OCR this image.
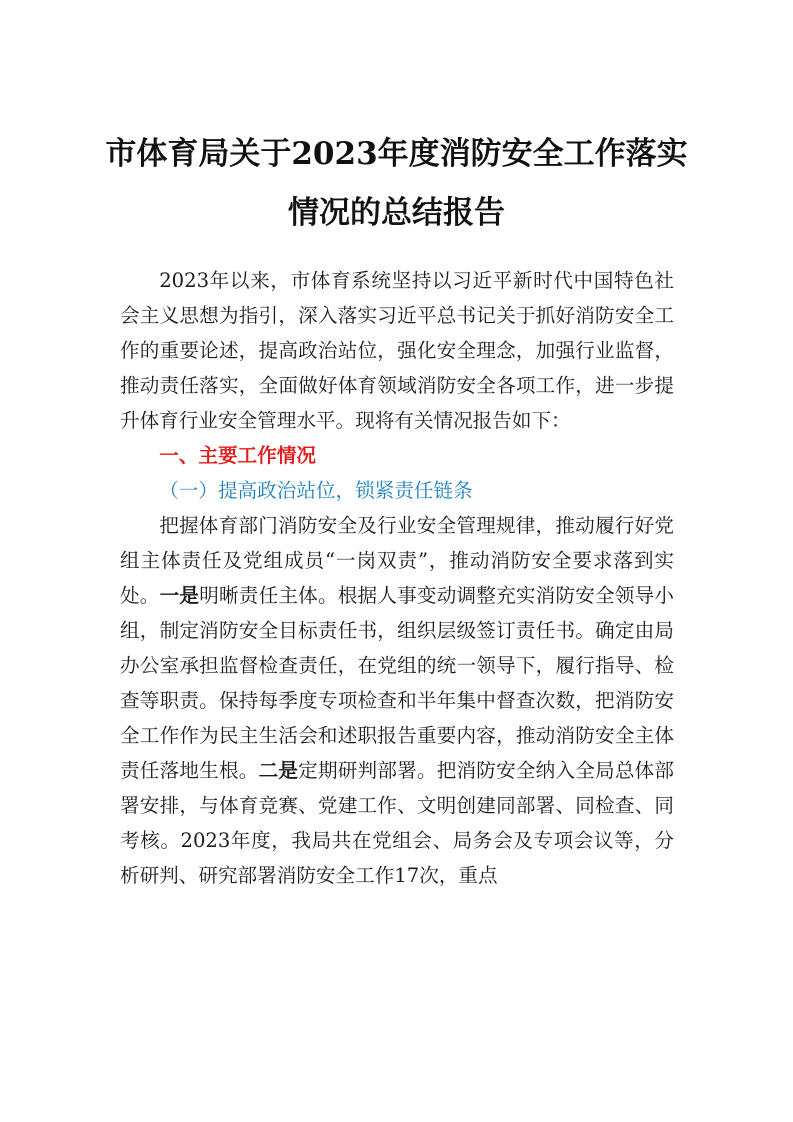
市体育局关于2023年度消防安全工作落实
情况的总结报告

2023年以来，市体育系统坚持以习近平新时代中国特色社会主义思想为指引，深入落实习近平总书记关于抓好消防安全工作的重要论述，提高政治站位，强化安全理念，加强行业监督，推动责任落实，全面做好体育领域消防安全各项工作，进一步提升体育行业安全管理水平。现将有关情况报告如下：

一、主要工作情况

（一）提高政治站位，锁紧责任链条

把握体育部门消防安全及行业安全管理规律，推动履行好党组主体责任及党组成员“一岗双责”，推动消防安全要求落到实处。一是明晰责任主体。根据人事变动调整充实消防安全领导小组，制定消防安全目标责任书，组织层级签订责任书。确定由局办公室承担监督检查责任，在党组的统一领导下，履行指导、检查等职责。保持每季度专项检查和半年集中督查次数，把消防安全工作作为民主生活会和述职报告重要内容，推动消防安全主体责任落地生根。二是定期研判部署。把消防安全纳入全局总体部署安排，与体育竞赛、党建工作、文明创建同部署、同检查、同考核。2023年度，我局共在党组会、局务会及专项会议等，分析研判、研究部署消防安全工作17次，重点
